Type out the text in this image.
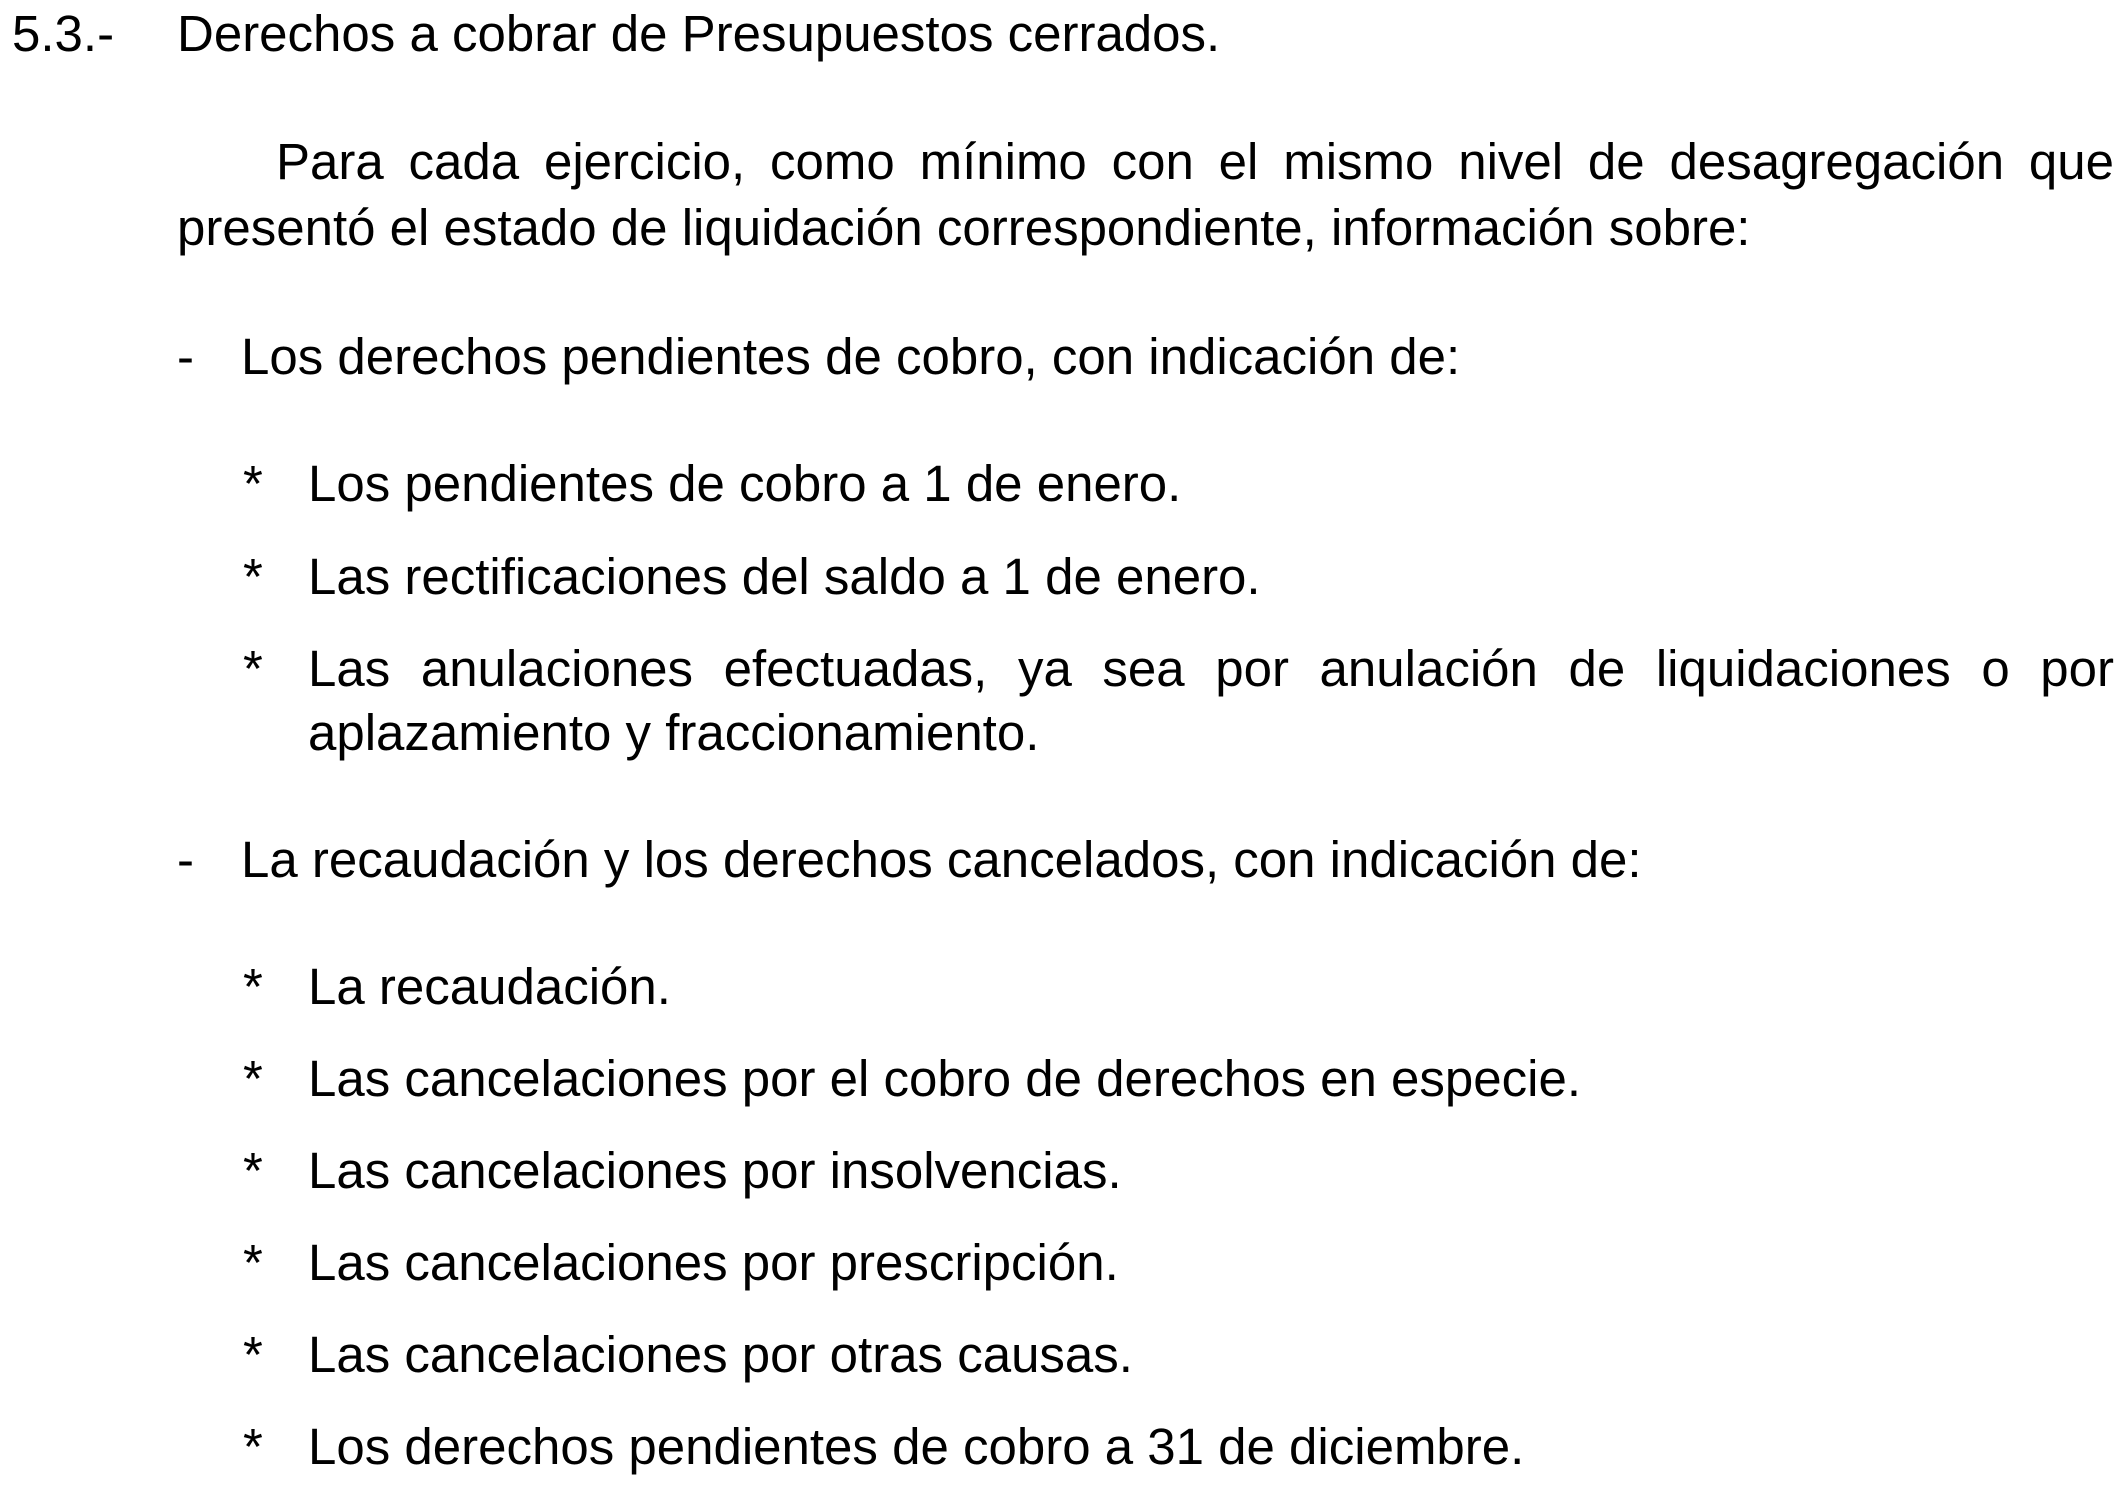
5.3.- Derechos a cobrar de Presupuestos cerrados.
Para cada ejercicio, como mínimo con el mismo nivel de desagregación que presentó el estado de liquidación correspondiente, información sobre:
- Los derechos pendientes de cobro, con indicación de:
* Los pendientes de cobro a 1 de enero.
* Las rectificaciones del saldo a 1 de enero.
* Las anulaciones efectuadas, ya sea por anulación de liquidaciones o por aplazamiento y fraccionamiento.
- La recaudación y los derechos cancelados, con indicación de:
* La recaudación.
* Las cancelaciones por el cobro de derechos en especie.
* Las cancelaciones por insolvencias.
* Las cancelaciones por prescripción.
* Las cancelaciones por otras causas.
* Los derechos pendientes de cobro a 31 de diciembre.
